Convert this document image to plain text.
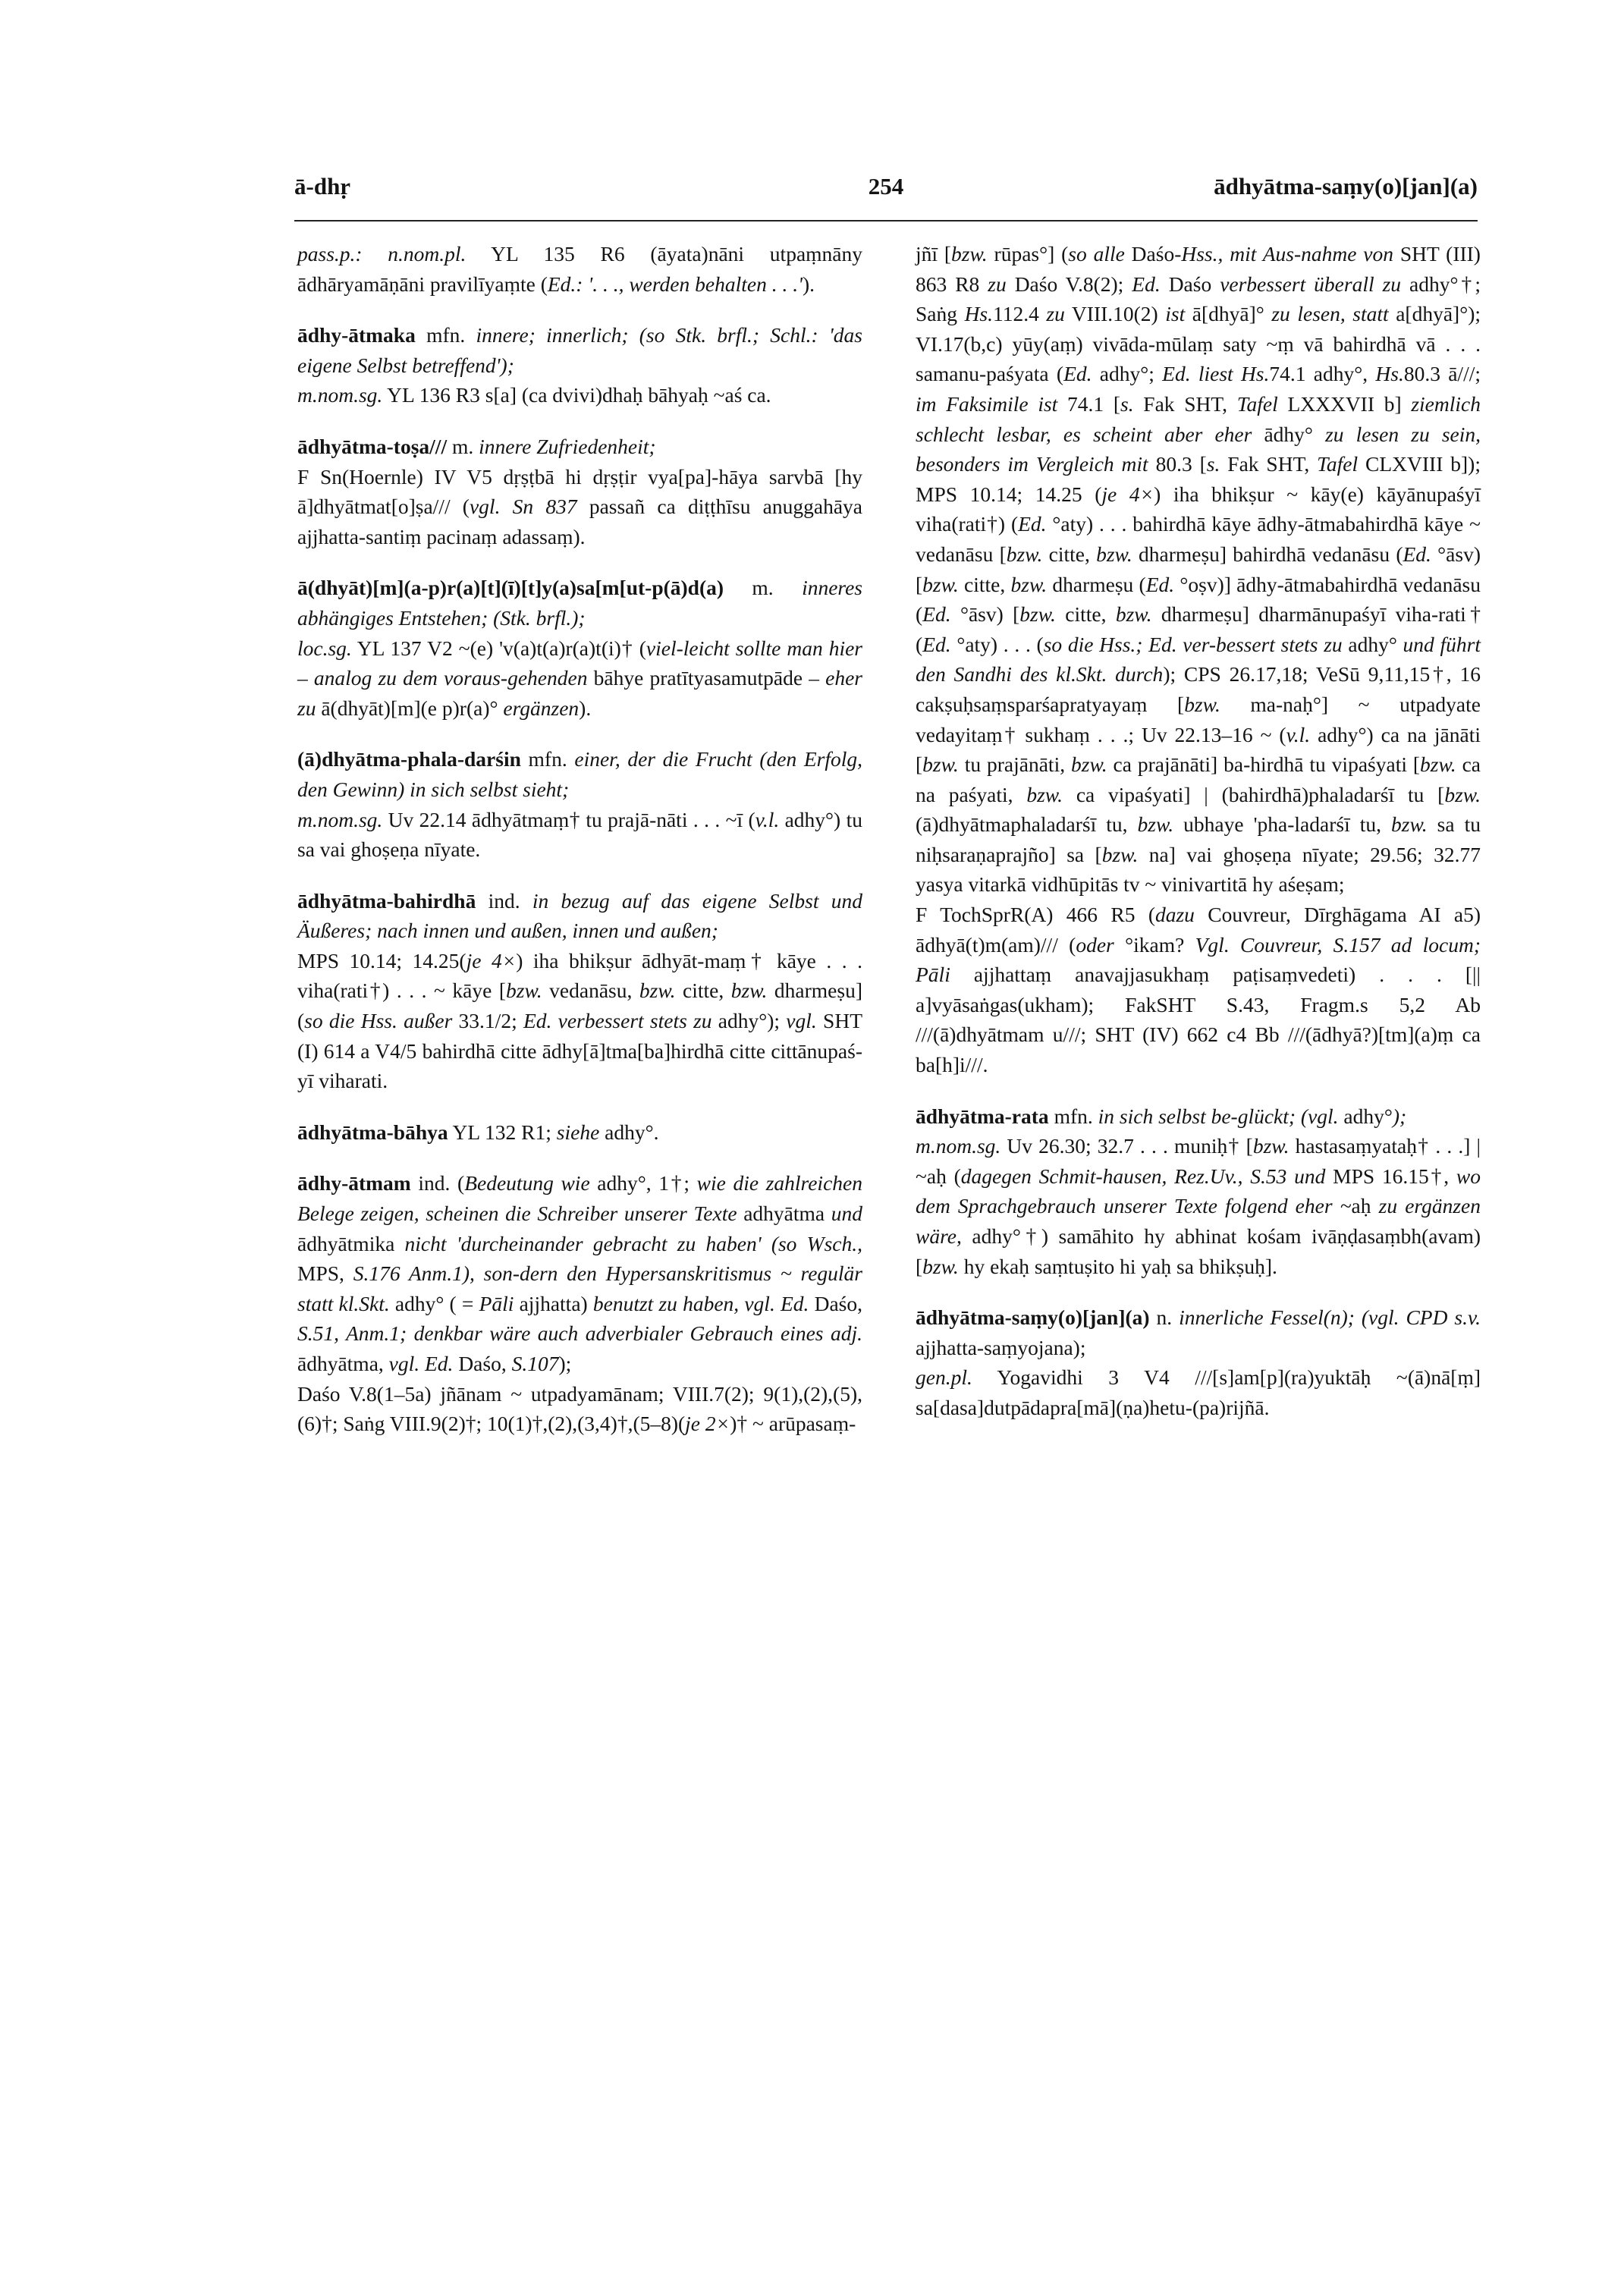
ā-dhṛ	254	ādhyātma-saṃy(o)[jan](a)

pass.p.: n.nom.pl. YL 135 R6 (āyata)nāni utpaṃnāny ādhāryamāṇāni pravilīyaṃte (Ed.: '. . ., werden behalten . . .').

ādhy-ātmaka mfn. innere; innerlich; (so Stk. brfl.; Schl.: 'das eigene Selbst betreffend');

m.nom.sg. YL 136 R3 s[a] (ca dvivi)dhaḥ bāhyaḥ ~aś ca.

ādhyātma-toṣa/// m. innere Zufriedenheit;

F Sn(Hoernle) IV V5 dṛṣṭbā hi dṛṣṭir vya[pa]-hāya sarvbā [hy ā]dhyātmat[o]ṣa/// (vgl. Sn 837 passañ ca diṭṭhīsu anuggahāya ajjhatta-santiṃ pacinaṃ adassaṃ).

ā(dhyāt)[m](a-p)r(a)[t](ī)[t]y(a)sa[m[ut-p(ā)d(a) m. inneres abhängiges Entstehen; (Stk. brfl.);

loc.sg. YL 137 V2 ~(e) 'v(a)t(a)r(a)t(i)† (viel-leicht sollte man hier – analog zu dem voraus-gehenden bāhye pratītyasamutpāde – eher zu ā(dhyāt)[m](e p)r(a)° ergänzen).

(ā)dhyātma-phala-darśin mfn. einer, der die Frucht (den Erfolg, den Gewinn) in sich selbst sieht;

m.nom.sg. Uv 22.14 ādhyātmaṃ† tu prajā-nāti . . . ~ī (v.l. adhy°) tu sa vai ghoṣeṇa nīyate.

ādhyātma-bahirdhā ind. in bezug auf das eigene Selbst und Äußeres; nach innen und außen, innen und außen;

MPS 10.14; 14.25(je 4×) iha bhikṣur ādhyāt-maṃ† kāye . . . viha(rati†) . . . ~ kāye [bzw. vedanāsu, bzw. citte, bzw. dharmeṣu] (so die Hss. außer 33.1/2; Ed. verbessert stets zu adhy°); vgl. SHT (I) 614 a V4/5 bahirdhā citte ādhy[ā]tma[ba]hirdhā citte cittānupaś-yī viharati.

ādhyātma-bāhya YL 132 R1; siehe adhy°.

ādhy-ātmam ind. (Bedeutung wie adhy°, 1†; wie die zahlreichen Belege zeigen, scheinen die Schreiber unserer Texte adhyātma und ādhyātmika nicht 'durcheinander gebracht zu haben' (so Wsch., MPS, S.176 Anm.1), son-dern den Hypersanskritismus ~ regulär statt kl.Skt. adhy° ( = Pāli ajjhatta) benutzt zu haben, vgl. Ed. Daśo, S.51, Anm.1; denkbar wäre auch adverbialer Gebrauch eines adj. ādhyātma, vgl. Ed. Daśo, S.107);

Daśo V.8(1–5a) jñānam ~ utpadyamānam; VIII.7(2); 9(1),(2),(5),(6)†; Saṅg VIII.9(2)†; 10(1)†,(2),(3,4)†,(5–8)(je 2×)† ~ arūpasaṃ-

jñī [bzw. rūpas°] (so alle Daśo-Hss., mit Aus-nahme von SHT (III) 863 R8 zu Daśo V.8(2); Ed. Daśo verbessert überall zu adhy°†; Saṅg Hs.112.4 zu VIII.10(2) ist ā[dhyā]° zu lesen, statt a[dhyā]°); VI.17(b,c) yūy(aṃ) vivāda-mūlaṃ saty ~ṃ vā bahirdhā vā . . . samanu-paśyata (Ed. adhy°; Ed. liest Hs.74.1 adhy°, Hs.80.3 ā///; im Faksimile ist 74.1 [s. Fak SHT, Tafel LXXXVII b] ziemlich schlecht lesbar, es scheint aber eher ādhy° zu lesen zu sein, besonders im Vergleich mit 80.3 [s. Fak SHT, Tafel CLXVIII b]); MPS 10.14; 14.25 (je 4×) iha bhikṣur ~ kāy(e) kāyānupaśyī viha(rati†) (Ed. °aty) . . . bahirdhā kāye ādhy-ātmabahirdhā kāye ~ vedanāsu [bzw. citte, bzw. dharmeṣu] bahirdhā vedanāsu (Ed. °āsv) [bzw. citte, bzw. dharmeṣu (Ed. °oṣv)] ādhy-ātmabahirdhā vedanāsu (Ed. °āsv) [bzw. citte, bzw. dharmeṣu] dharmānupaśyī viha-rati† (Ed. °aty) . . . (so die Hss.; Ed. ver-bessert stets zu adhy° und führt den Sandhi des kl.Skt. durch); CPS 26.17,18; VeSū 9,11,15†, 16 cakṣuḥsaṃsparśapratyayaṃ [bzw. ma-naḥ°] ~ utpadyate vedayitaṃ† sukhaṃ . . .; Uv 22.13–16 ~ (v.l. adhy°) ca na jānāti [bzw. tu prajānāti, bzw. ca prajānāti] ba-hirdhā tu vipaśyati [bzw. ca na paśyati, bzw. ca vipaśyati] | (bahirdhā)phaladarśī tu [bzw. (ā)dhyātmaphaladarśī tu, bzw. ubhaye 'pha-ladarśī tu, bzw. sa tu niḥsaraṇaprajño] sa [bzw. na] vai ghoṣeṇa nīyate; 29.56; 32.77 yasya vitarkā vidhūpitās tv ~ vinivartitā hy aśeṣam;

F TochSprR(A) 466 R5 (dazu Couvreur, Dīrghāgama AI a5) ādhyā(t)m(am)/// (oder °ikam? Vgl. Couvreur, S.157 ad locum; Pāli ajjhattaṃ anavajjasukhaṃ paṭisaṃvedeti) . . . [|| a]vyāsaṅgas(ukham); FakSHT S.43, Fragm.s 5,2 Ab ///(ā)dhyātmam u///; SHT (IV) 662 c4 Bb ///(ādhyā?)[tm](a)ṃ ca ba[h]i///.

ādhyātma-rata mfn. in sich selbst be-glückt; (vgl. adhy°);

m.nom.sg. Uv 26.30; 32.7 . . . muniḥ† [bzw. hastasaṃyataḥ† . . .] | ~aḥ (dagegen Schmit-hausen, Rez.Uv., S.53 und MPS 16.15†, wo dem Sprachgebrauch unserer Texte folgend eher ~aḥ zu ergänzen wäre, adhy°†) samāhito hy abhinat kośam ivāṇḍasaṃbh(avam) [bzw. hy ekaḥ saṃtuṣito hi yaḥ sa bhikṣuḥ].

ādhyātma-saṃy(o)[jan](a) n. innerliche Fessel(n); (vgl. CPD s.v. ajjhatta-saṃyojana);

gen.pl. Yogavidhi 3 V4 ///[s]am[p](ra)yuktāḥ ~(ā)nā[ṃ] sa[dasa]dutpādapra[mā](ṇa)hetu-(pa)rijñā.
